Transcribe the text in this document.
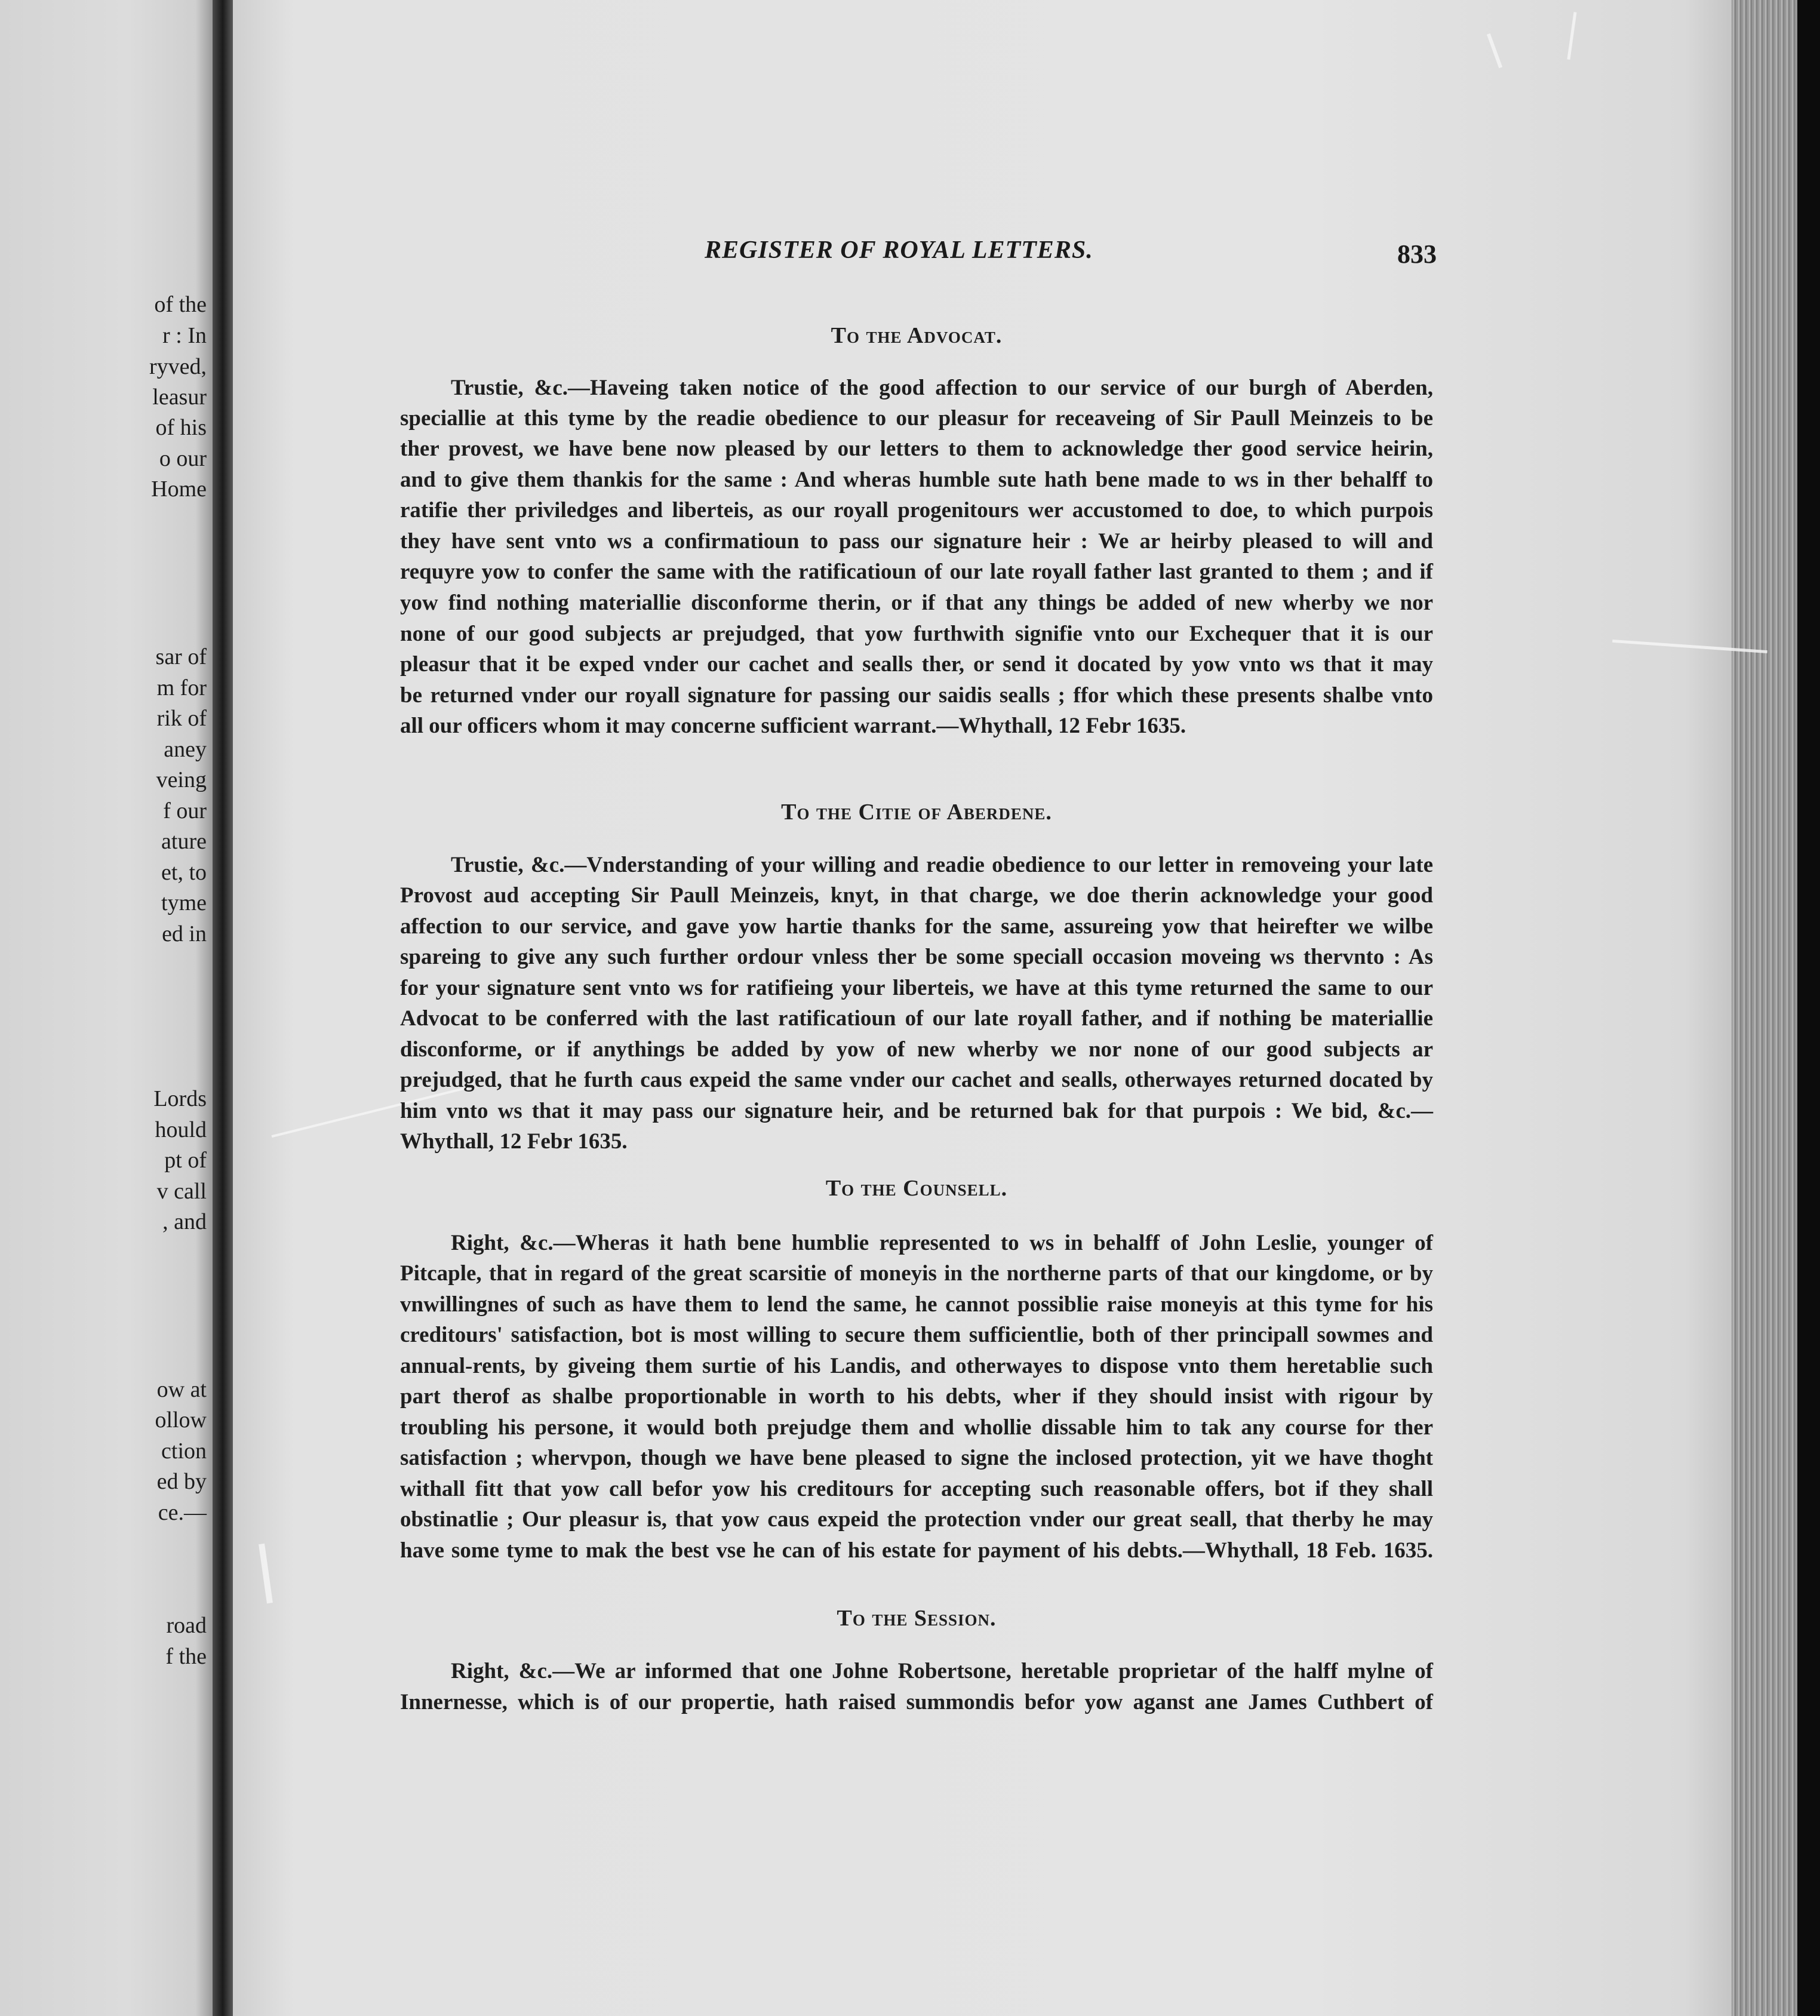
of the
r : In
ryved,
leasur
of his
o our
Home
sar of
m for
rik of
aney
veing
f our
ature
et, to
tyme
ed in
Lords
hould
pt of
v call
, and
ow at
ollow
ction
ed by
ce.—
road
f the
REGISTER OF ROYAL LETTERS.	833
To the Advocat.
Trustie, &c.—Haveing taken notice of the good affection to our service of our burgh of Aberden,
speciallie at this tyme by the readie obedience to our pleasur for receaveing of Sir Paull Meinzeis to be
ther provest, we have bene now pleased by our letters to them to acknowledge ther good service heirin,
and to give them thankis for the same : And wheras humble sute hath bene made to ws in ther behalff to
ratifie ther priviledges and liberteis, as our royall progenitours wer accustomed to doe, to which purpois
they have sent vnto ws a confirmatioun to pass our signature heir : We ar heirby pleased to will and
requyre yow to confer the same with the ratificatioun of our late royall father last granted to them ; and if
yow find nothing materiallie disconforme therin, or if that any things be added of new wherby we nor
none of our good subjects ar prejudged, that yow furthwith signifie vnto our Exchequer that it is our
pleasur that it be exped vnder our cachet and sealls ther, or send it docated by yow vnto ws that it may
be returned vnder our royall signature for passing our saidis sealls ; ffor which these presents shalbe vnto
all our officers whom it may concerne sufficient warrant.—Whythall, 12 Febr 1635.
To the Citie of Aberdene.
Trustie, &c.—Vnderstanding of your willing and readie obedience to our letter in removeing your late
Provost aud accepting Sir Paull Meinzeis, knyt, in that charge, we doe therin acknowledge your good
affection to our service, and gave yow hartie thanks for the same, assureing yow that heirefter we wilbe
spareing to give any such further ordour vnless ther be some speciall occasion moveing ws thervnto : As
for your signature sent vnto ws for ratifieing your liberteis, we have at this tyme returned the same to our
Advocat to be conferred with the last ratificatioun of our late royall father, and if nothing be materiallie
disconforme, or if anythings be added by yow of new wherby we nor none of our good subjects ar
prejudged, that he furth caus expeid the same vnder our cachet and sealls, otherwayes returned docated by
him vnto ws that it may pass our signature heir, and be returned bak for that purpois : We bid, &c.—
Whythall, 12 Febr 1635.
To the Counsell.
Right, &c.—Wheras it hath bene humblie represented to ws in behalff of John Leslie, younger of
Pitcaple, that in regard of the great scarsitie of moneyis in the northerne parts of that our kingdome, or by
vnwillingnes of such as have them to lend the same, he cannot possiblie raise moneyis at this tyme for his
creditours' satisfaction, bot is most willing to secure them sufficientlie, both of ther principall sowmes and
annual-rents, by giveing them surtie of his Landis, and otherwayes to dispose vnto them heretablie such
part therof as shalbe proportionable in worth to his debts, wher if they should insist with rigour by
troubling his persone, it would both prejudge them and whollie dissable him to tak any course for ther
satisfaction ; whervpon, though we have bene pleased to signe the inclosed protection, yit we have thoght
withall fitt that yow call befor yow his creditours for accepting such reasonable offers, bot if they shall
obstinatlie ; Our pleasur is, that yow caus expeid the protection vnder our great seall, that therby he may
have some tyme to mak the best vse he can of his estate for payment of his debts.—Whythall, 18 Feb. 1635.
To the Session.
Right, &c.—We ar informed that one Johne Robertsone, heretable proprietar of the halff mylne of
Innernesse, which is of our propertie, hath raised summondis befor yow aganst ane James Cuthbert of
